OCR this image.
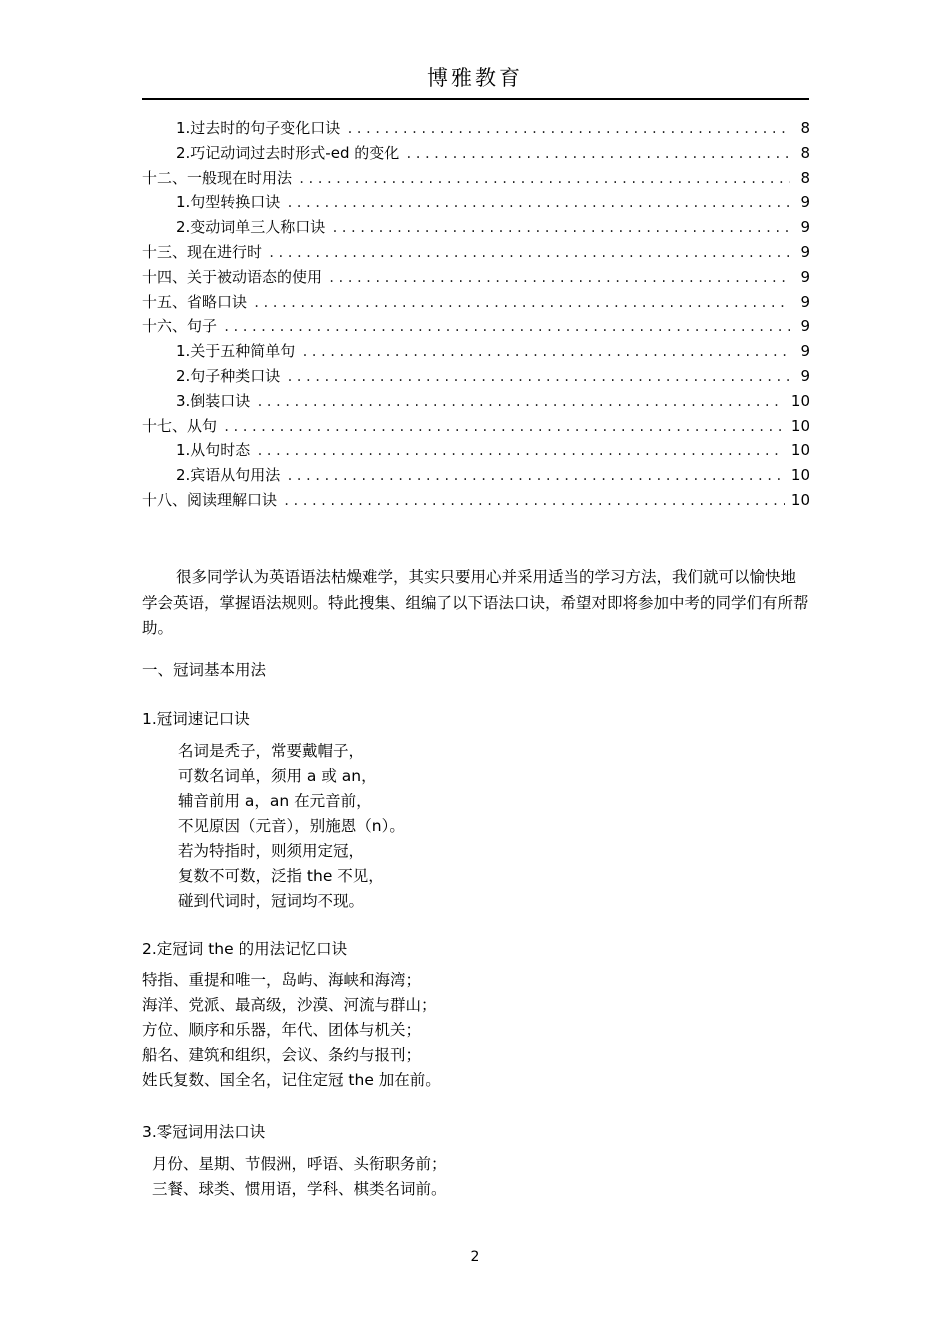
博雅教育
1.过去时的句子变化口诀 .....	8
2.巧记动词过去时形式-ed 的变化 .....	8
十二、一般现在时用法 .....	8
1.句型转换口诀 .....	9
2.变动词单三人称口诀 .....	9
十三、现在进行时 .....	9
十四、关于被动语态的使用 .....	9
十五、省略口诀 .....	9
十六、句子 .....	9
1.关于五种简单句 .....	9
2.句子种类口诀 .....	9
3.倒装口诀 .....	10
十七、从句 .....	10
1.从句时态 .....	10
2.宾语从句用法 .....	10
十八、阅读理解口诀 .....	10

很多同学认为英语语法枯燥难学，其实只要用心并采用适当的学习方法，我们就可以愉快地学会英语，掌握语法规则。特此搜集、组编了以下语法口诀，希望对即将参加中考的同学们有所帮助。

一、冠词基本用法

1.冠词速记口诀

名词是秃子，常要戴帽子，
可数名词单，须用 a 或 an，
辅音前用 a，an 在元音前，
不见原因（元音），别施恩（n）。
若为特指时，则须用定冠，
复数不可数，泛指 the 不见，
碰到代词时，冠词均不现。

2.定冠词 the 的用法记忆口诀

特指、重提和唯一，岛屿、海峡和海湾；
海洋、党派、最高级，沙漠、河流与群山；
方位、顺序和乐器，年代、团体与机关；
船名、建筑和组织，会议、条约与报刊；
姓氏复数、国全名，记住定冠 the 加在前。

3.零冠词用法口诀

月份、星期、节假洲，呼语、头衔职务前；
三餐、球类、惯用语，学科、棋类名词前。
2
